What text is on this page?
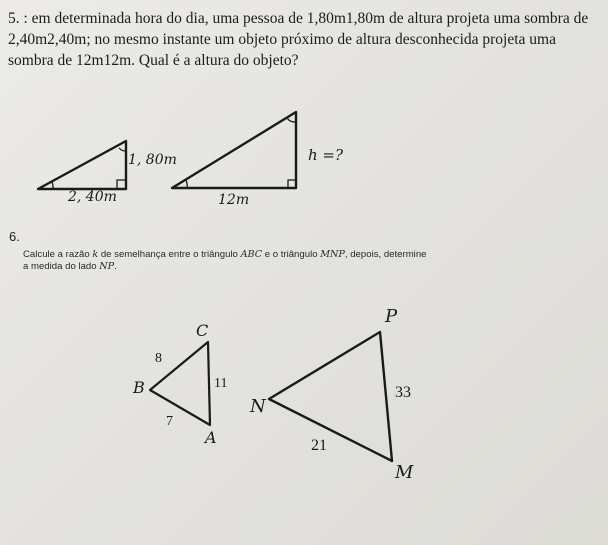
5. : em determinada hora do dia, uma pessoa de 1,80m1,80m de altura projeta uma sombra de 2,40m2,40m; no mesmo instante um objeto próximo de altura desconhecida projeta uma sombra de 12m12m. Qual é a altura do objeto?
1, 80m
2, 40m
h =?
12m
C
B
A
8
11
7
P
N
M
33
21
6.
Calcule a razão k de semelhança entre o triângulo ABC e o triângulo MNP, depois, determine
a medida do lado NP.
